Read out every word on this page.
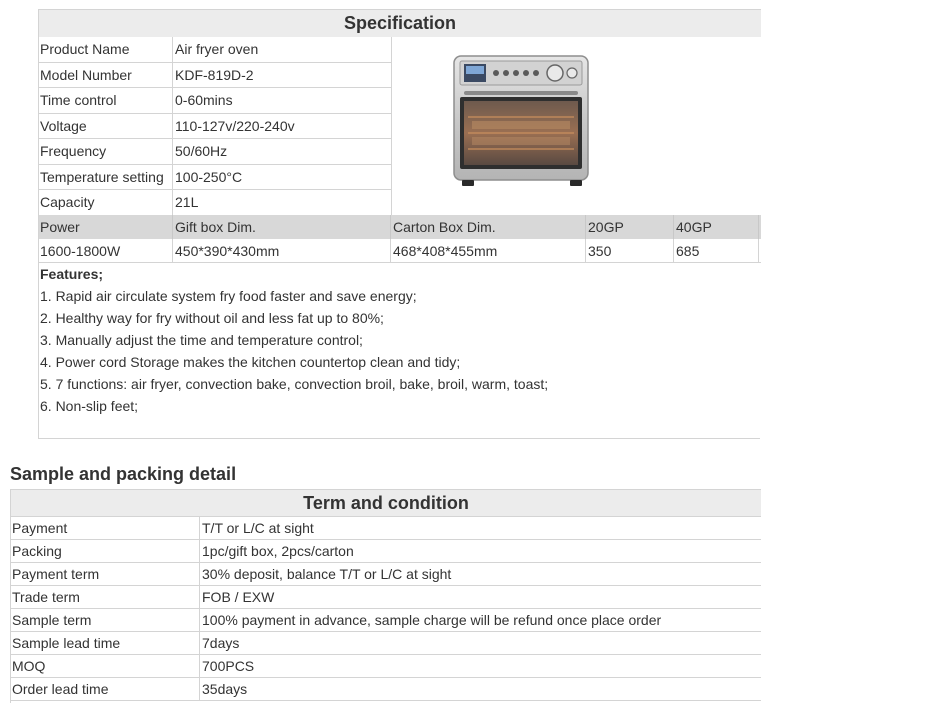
Specification
Product Name	Air fryer oven
Model Number	KDF-819D-2
Time control	0-60mins
Voltage	110-127v/220-240v
Frequency	50/60Hz
Temperature setting 100-250°C
Capacity	21L
Power	Gift box Dim.	Carton Box Dim.	20GP	40GP
1600-1800W	450*390*430mm	468*408*455mm	350	685
Features;
1. Rapid air circulate system fry food faster and save energy;
2. Healthy way for fry without oil and less fat up to 80%;
3. Manually adjust the time and temperature control;
4. Power cord Storage makes the kitchen countertop clean and tidy;
5. 7 functions: air fryer, convection bake, convection broil, bake, broil, warm, toast;
6. Non-slip feet;
Sample and packing detail
Term and condition
Payment	T/T or L/C at sight
Packing	1pc/gift box, 2pcs/carton
Payment term	30% deposit, balance T/T or L/C at sight
Trade term	FOB / EXW
Sample term	100% payment in advance, sample charge will be refund once place order
Sample lead time	7days
MOQ	700PCS
Order lead time	35days
